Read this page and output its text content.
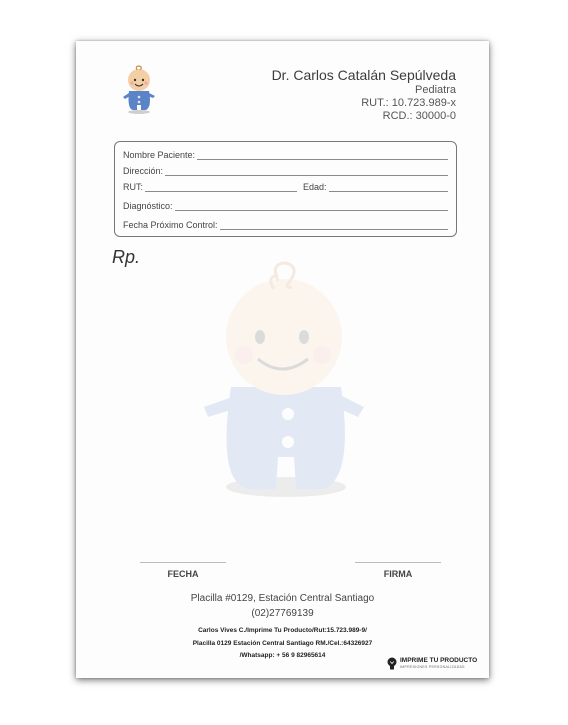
Dr. Carlos Catalán Sepúlveda
Pediatra
RUT.: 10.723.989-x
RCD.: 30000-0
Nombre Paciente:
Dirección:
RUT:	Edad:
Diagnóstico:
Fecha Próximo Control:
Rp.
FECHA	FIRMA
Placilla #0129, Estación Central Santiago
(02)27769139
Carlos Vives C./Imprime Tu Producto/Rut:15.723.989-9/
Placilla 0129 Estación Central Santiago RM./Cel.:64326927
/Whatsapp: + 56 9 82965614
IMPRIME TU PRODUCTO
IMPRESIONES PERSONALIZADAS
